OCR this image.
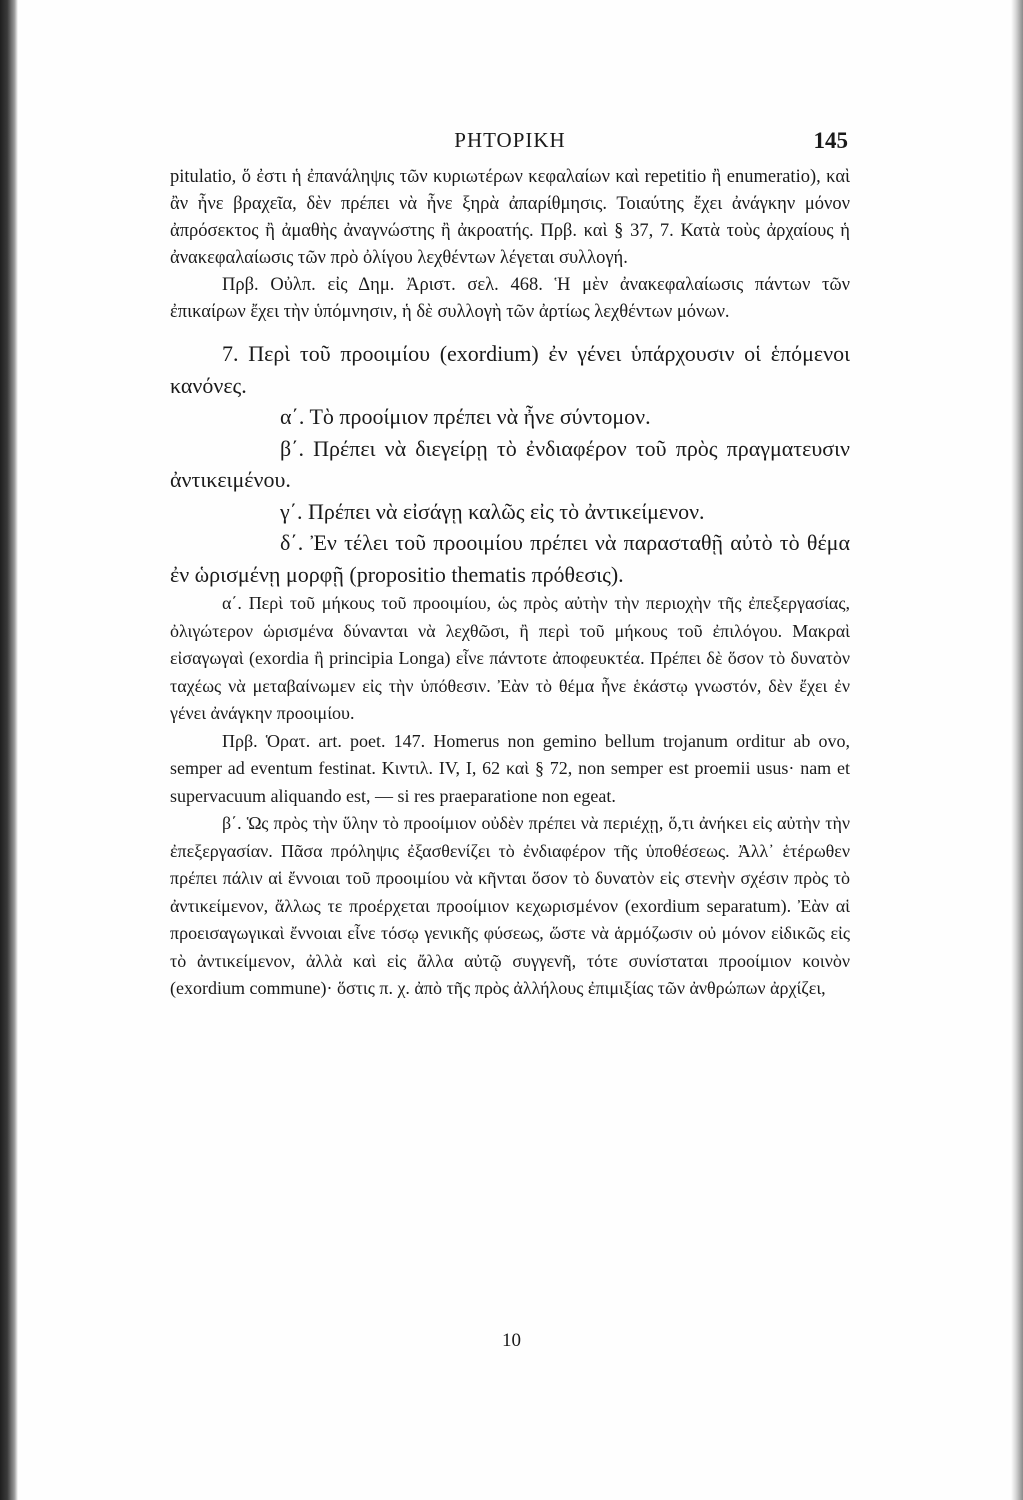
ΡΗΤΟΡΙΚΗ	145

pitulatio, ὅ ἐστι ἡ ἐπανάληψις τῶν κυριωτέρων κεφαλαίων καὶ repetitio ἢ enumeratio), καὶ ἂν ἦνε βραχεῖα, δὲν πρέπει νὰ ἦνε ξηρὰ ἀπαρίθμησις. Τοιαύτης ἔχει ἀνάγκην μόνον ἀπρόσεκτος ἢ ἀμαθὴς ἀναγνώστης ἢ ἀκροατής. Πρβ. καὶ § 37, 7. Κατὰ τοὺς ἀρχαίους ἡ ἀνακεφαλαίωσις τῶν πρὸ ὀλίγου λεχθέντων λέγεται συλλογή.

Πρβ. Οὐλπ. εἰς Δημ. Ἀριστ. σελ. 468. Ἡ μὲν ἀνακεφαλαίωσις πάντων τῶν ἐπικαίρων ἔχει τὴν ὑπόμνησιν, ἡ δὲ συλλογὴ τῶν ἀρτίως λεχθέντων μόνων.

7. Περὶ τοῦ προοιμίου (exordium) ἐν γένει ὑπάρχουσιν οἱ ἑπόμενοι κανόνες.

α΄. Τὸ προοίμιον πρέπει νὰ ἦνε σύντομον.

β΄. Πρέπει νὰ διεγείρῃ τὸ ἐνδιαφέρον τοῦ πρὸς πραγματευσιν ἀντικειμένου.

γ΄. Πρέπει νὰ εἰσάγῃ καλῶς εἰς τὸ ἀντικείμενον.

δ΄. Ἐν τέλει τοῦ προοιμίου πρέπει νὰ παρασταθῇ αὐτὸ τὸ θέμα ἐν ὡρισμένῃ μορφῇ (propositio thematis πρόθεσις).

α΄. Περὶ τοῦ μήκους τοῦ προοιμίου, ὡς πρὸς αὐτὴν τὴν περιοχὴν τῆς ἐπεξεργασίας, ὀλιγώτερον ὡρισμένα δύνανται νὰ λεχθῶσι, ἢ περὶ τοῦ μήκους τοῦ ἐπιλόγου. Μακραὶ εἰσαγωγαὶ (exordia ἢ principia Longa) εἶνε πάντοτε ἀποφευκτέα. Πρέπει δὲ ὅσον τὸ δυνατὸν ταχέως νὰ μεταβαίνωμεν εἰς τὴν ὑπόθεσιν. Ἐὰν τὸ θέμα ἦνε ἑκάστῳ γνωστόν, δὲν ἔχει ἐν γένει ἀνάγκην προοιμίου.

Πρβ. Ὁρατ. art. poet. 147. Homerus non gemino bellum trojanum orditur ab ovo, semper ad eventum festinat. Κιντιλ. IV, I, 62 καὶ § 72, non semper est proemii usus· nam et supervacuum aliquando est, — si res praeparatione non egeat.

β΄. Ὡς πρὸς τὴν ὕλην τὸ προοίμιον οὐδὲν πρέπει νὰ περιέχῃ, ὅ,τι ἀνήκει εἰς αὐτὴν τὴν ἐπεξεργασίαν. Πᾶσα πρόληψις ἐξασθενίζει τὸ ἐνδιαφέρον τῆς ὑποθέσεως. Ἀλλ᾽ ἑτέρωθεν πρέπει πάλιν αἱ ἔννοιαι τοῦ προοιμίου νὰ κῆνται ὅσον τὸ δυνατὸν εἰς στενὴν σχέσιν πρὸς τὸ ἀντικείμενον, ἄλλως τε προέρχεται προοίμιον κεχωρισμένον (exordium separatum). Ἐὰν αἱ προεισαγωγικαὶ ἔννοιαι εἶνε τόσῳ γενικῆς φύσεως, ὥστε νὰ ἁρμόζωσιν οὐ μόνον εἰδικῶς εἰς τὸ ἀντικείμενον, ἀλλὰ καὶ εἰς ἄλλα αὐτῷ συγγενῆ, τότε συνίσταται προοίμιον κοινὸν (exordium commune)· ὅστις π. χ. ἀπὸ τῆς πρὸς ἀλλήλους ἐπιμιξίας τῶν ἀνθρώπων ἀρχίζει,

10
